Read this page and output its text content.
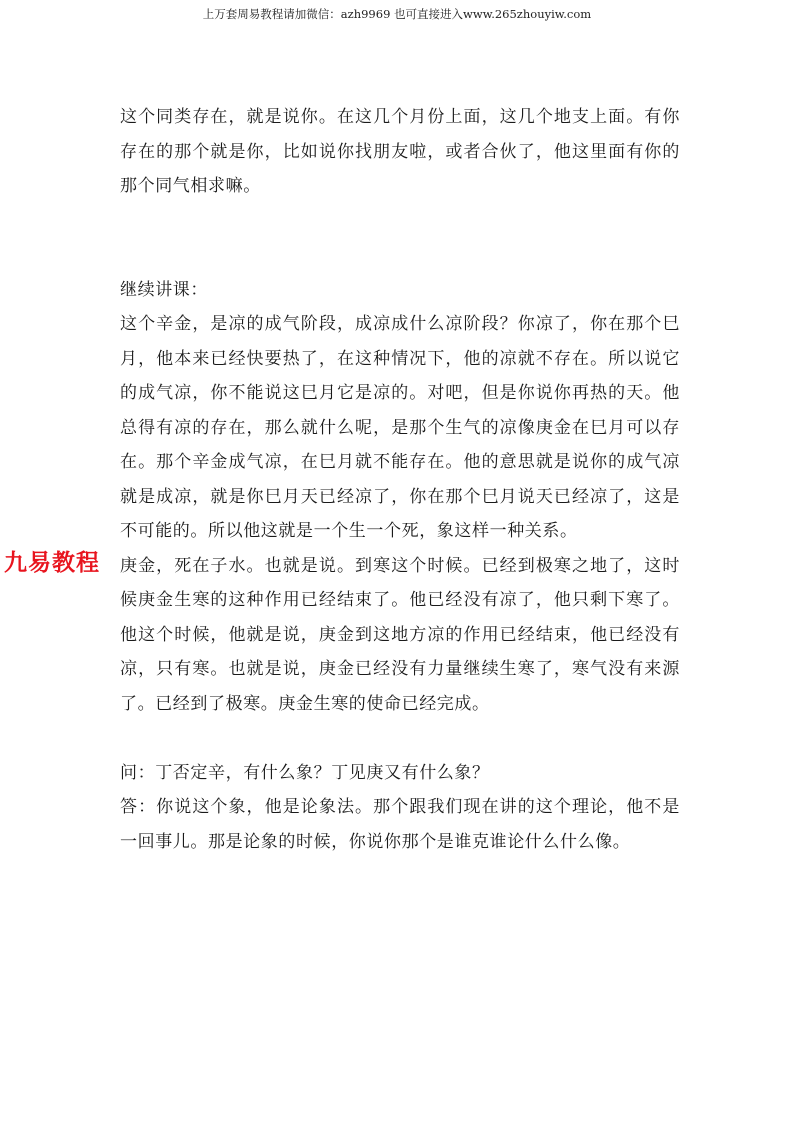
上万套周易教程请加微信：azh9969 也可直接进入www.265zhouyiw.com

这个同类存在，就是说你。在这几个月份上面，这几个地支上面。有你存在的那个就是你，比如说你找朋友啦，或者合伙了，他这里面有你的那个同气相求嘛。

继续讲课：

这个辛金，是凉的成气阶段，成凉成什么凉阶段？你凉了，你在那个巳月，他本来已经快要热了，在这种情况下，他的凉就不存在。所以说它的成气凉，你不能说这巳月它是凉的。对吧，但是你说你再热的天。他总得有凉的存在，那么就什么呢，是那个生气的凉像庚金在巳月可以存在。那个辛金成气凉，在巳月就不能存在。他的意思就是说你的成气凉就是成凉，就是你巳月天已经凉了，你在那个巳月说天已经凉了，这是不可能的。所以他这就是一个生一个死，象这样一种关系。

庚金，死在子水。也就是说。到寒这个时候。已经到极寒之地了，这时候庚金生寒的这种作用已经结束了。他已经没有凉了，他只剩下寒了。他这个时候，他就是说，庚金到这地方凉的作用已经结束，他已经没有凉，只有寒。也就是说，庚金已经没有力量继续生寒了，寒气没有来源了。已经到了极寒。庚金生寒的使命已经完成。

问：丁否定辛，有什么象？丁见庚又有什么象？

答：你说这个象，他是论象法。那个跟我们现在讲的这个理论，他不是一回事儿。那是论象的时候，你说你那个是谁克谁论什么什么像。

九易教程
